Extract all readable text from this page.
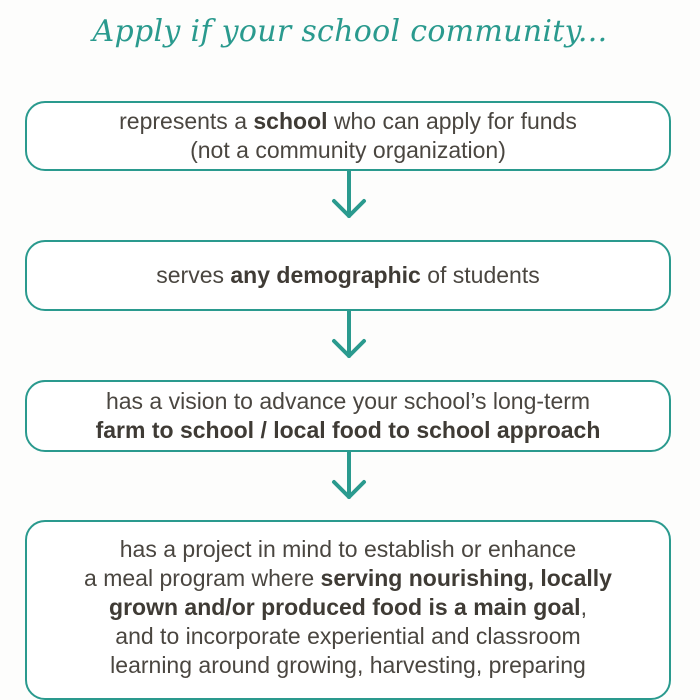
Apply if your school community...
represents a school who can apply for funds
(not a community organization)
serves any demographic of students
has a vision to advance your school’s long-term
farm to school / local food to school approach
has a project in mind to establish or enhance
a meal program where serving nourishing, locally
grown and/or produced food is a main goal,
and to incorporate experiential and classroom
learning around growing, harvesting, preparing
